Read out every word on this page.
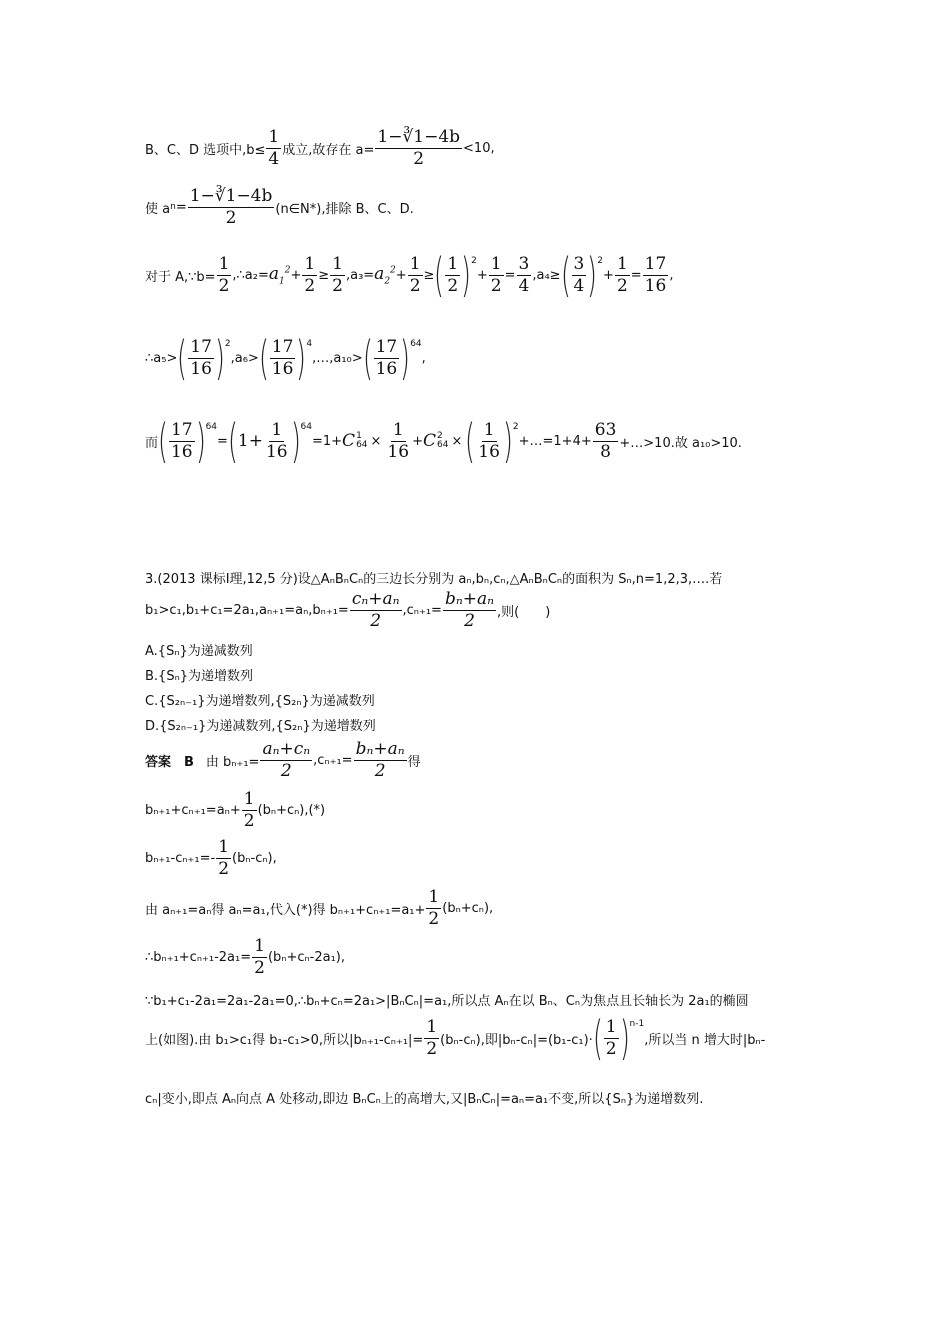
B、C、D 选项中$,b\le \frac{1}{4}$ 成立,故存在 $a= \frac{1-∛1-4b}{2} <10$,
使 a $n = \frac{1-∛1-4b}{2}$ (n∈N*),排除 B、C、D.
对于 A,∵b= $\frac{1}{2}$ ,∴a₂= $a_1^2 + \frac{1}{2} \ge \frac{1}{2} ,a_3= a_2^2 + \frac{1}{2}$ ≥ ( $\frac{1}{2} )^2$
+ $\frac{1}{2} = \frac{3}{4} ,a_4\ge$ ( $\frac{3}{4} )^2$
+ $\frac{1}{2} = \frac{17}{16}$ ,
∴a₅> ( $\frac{17}{16} )^2$
,a₆> ( $\frac{17}{16} )^4$
,…,a₁₀> ( $\frac{17}{16} )^{64}$
,
而 ( $\frac{17}{16} )^{64}$
= ( $1+ \frac{1}{16} )^{64}$
=1+ C 1
$64 \times \frac{1}{16} + C$ 2
64 × ( $\frac{1}{16} )^2$
+…=1+4+ $\frac{63}{8}$ +…>10.故 a₁₀>10.
3.(2013 课标Ⅰ理,12,5 分)设△AₙBₙCₙ的三边长分别为 aₙ,bₙ,cₙ,△AₙBₙCₙ的面积为 Sₙ,n=1,2,3,….若
$b_1>c_1,b_1+c_1=2a_1,a_{n+1}=a_n,b_{n+1}= \frac{\text{cₙ+aₙ}}{2} ,c_{n+1}= \frac{\text{bₙ+aₙ}}{2}$ ,则(　　)
A.{Sₙ}为递减数列
B.{Sₙ}为递增数列
C.{S₂ₙ₋₁}为递增数列,{S₂ₙ}为递减数列
D.{S₂ₙ₋₁}为递减数列,{S₂ₙ}为递增数列
答案　B 由 $b_{n+1}= \frac{\text{aₙ+cₙ}}{2} ,c_{n+1}= \frac{\text{bₙ+aₙ}}{2}$ 得
$b_{n+1}+c_{n+1}=a_n+ \frac{1}{2} (b_n+c_n),(*)$
$b_{n+1}-c_{n+1}=- \frac{1}{2} (b_n-c_n)$,
由 aₙ₊₁=aₙ得 aₙ=a₁,代入(*)得 $b_{n+1}+c_{n+1}=a_1+ \frac{1}{2} (b_n+c_n)$,
∴bₙ₊₁+cₙ₊₁-2a₁= $\frac{1}{2} (b_n+c_n-2a_1)$,
∵b₁+c₁-2a₁=2a₁-2a₁=0,∴bₙ+cₙ=2a₁>|BₙCₙ|=a₁,所以点 Aₙ在以 Bₙ、Cₙ为焦点且长轴长为 2a₁的椭圆
上(如图).由 b₁>c₁得 b₁-c₁>0,所以$|b_{n+1}-c_{n+1}|= \frac{1}{2} (b_n-c_n)$,即|bₙ-cₙ|=(b₁-c₁)· ( $\frac{1}{2} )^{n-1}$
,所以当 n 增大时|bₙ-
cₙ|变小,即点 Aₙ向点 A 处移动,即边 BₙCₙ上的高增大,又|BₙCₙ|=aₙ=a₁不变,所以{Sₙ}为递增数列.
